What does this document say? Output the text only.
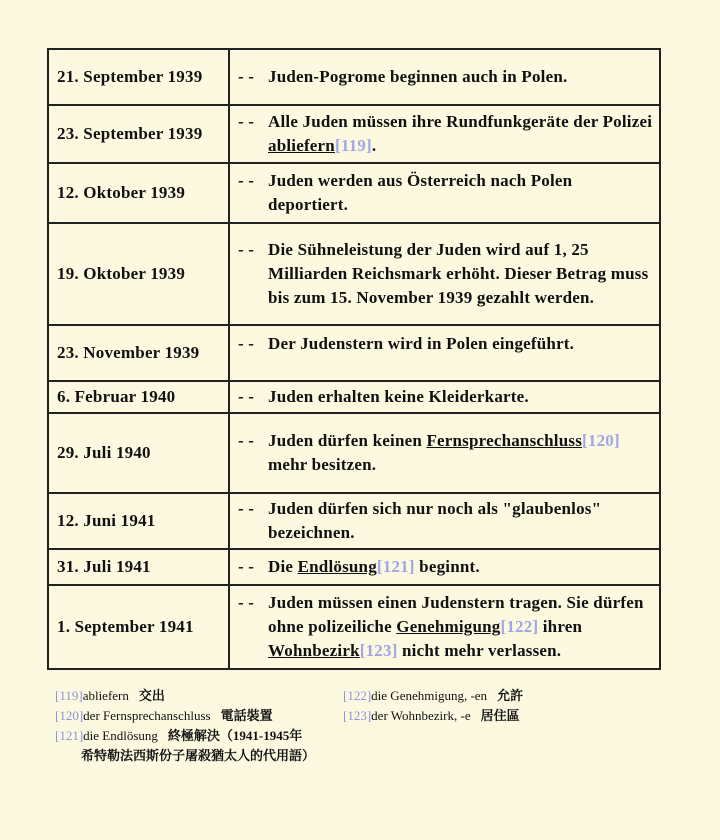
21. September 1939	- - Juden-Pogrome beginnen auch in Polen.

23. September 1939	- - Alle Juden müssen ihre Rundfunkgeräte der Polizei abliefern[119].

12. Oktober 1939	- - Juden werden aus Österreich nach Polen deportiert.

19. Oktober 1939	- - Die Sühneleistung der Juden wird auf 1, 25 Milliarden Reichsmark erhöht. Dieser Betrag muss bis zum 15. November 1939 gezahlt werden.

23. November 1939	- - Der Judenstern wird in Polen eingeführt.

6. Februar 1940	- - Juden erhalten keine Kleiderkarte.

29. Juli 1940	- - Juden dürfen keinen Fernsprechanschluss[120] mehr besitzen.

12. Juni 1941	- - Juden dürfen sich nur noch als "glaubenlos" bezeichnen.

31. Juli 1941	- - Die Endlösung[121] beginnt.

1. September 1941	- - Juden müssen einen Judenstern tragen. Sie dürfen ohne polizeiliche Genehmigung[122] ihren Wohnbezirk[123] nicht mehr verlassen.
[119]abliefern 交出
[120]der Fernsprechanschluss 電話裝置
[121]die Endlösung 終極解決（1941-1945年
希特勒法西斯份子屠殺猶太人的代用語）
[122]die Genehmigung, -en 允許
[123]der Wohnbezirk, -e 居住區
